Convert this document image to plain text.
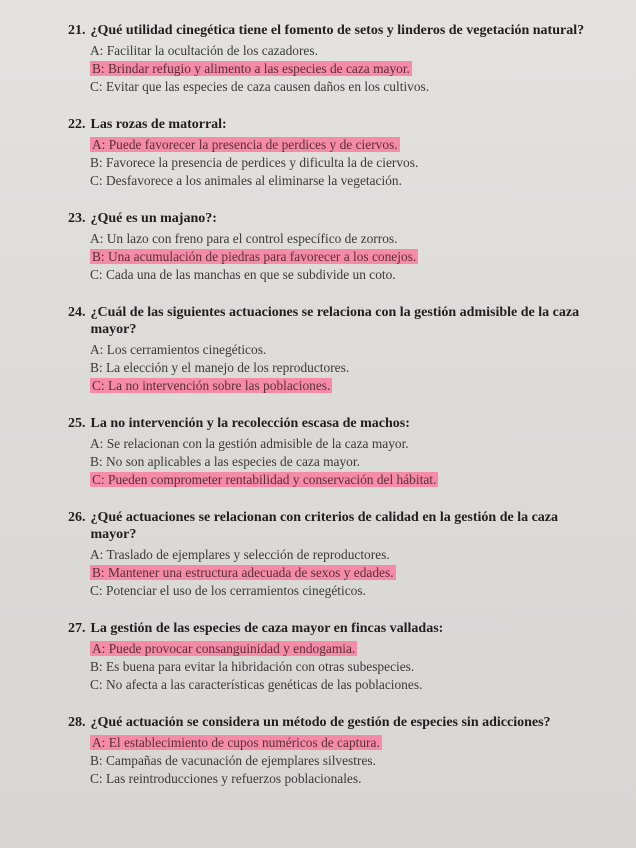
21. ¿Qué utilidad cinegética tiene el fomento de setos y linderos de vegetación natural?
A: Facilitar la ocultación de los cazadores.
B: Brindar refugio y alimento a las especies de caza mayor.
C: Evitar que las especies de caza causen daños en los cultivos.
22. Las rozas de matorral:
A: Puede favorecer la presencia de perdices y de ciervos.
B: Favorece la presencia de perdices y dificulta la de ciervos.
C: Desfavorece a los animales al eliminarse la vegetación.
23. ¿Qué es un majano?:
A: Un lazo con freno para el control específico de zorros.
B: Una acumulación de piedras para favorecer a los conejos.
C: Cada una de las manchas en que se subdivide un coto.
24. ¿Cuál de las siguientes actuaciones se relaciona con la gestión admisible de la caza mayor?
A: Los cerramientos cinegéticos.
B: La elección y el manejo de los reproductores.
C: La no intervención sobre las poblaciones.
25. La no intervención y la recolección escasa de machos:
A: Se relacionan con la gestión admisible de la caza mayor.
B: No son aplicables a las especies de caza mayor.
C: Pueden comprometer rentabilidad y conservación del hábitat.
26. ¿Qué actuaciones se relacionan con criterios de calidad en la gestión de la caza mayor?
A: Traslado de ejemplares y selección de reproductores.
B: Mantener una estructura adecuada de sexos y edades.
C: Potenciar el uso de los cerramientos cinegéticos.
27. La gestión de las especies de caza mayor en fincas valladas:
A: Puede provocar consanguinidad y endogamia.
B: Es buena para evitar la hibridación con otras subespecies.
C: No afecta a las características genéticas de las poblaciones.
28. ¿Qué actuación se considera un método de gestión de especies sin adicciones?
A: El establecimiento de cupos numéricos de captura.
B: Campañas de vacunación de ejemplares silvestres.
C: Las reintroducciones y refuerzos poblacionales.
